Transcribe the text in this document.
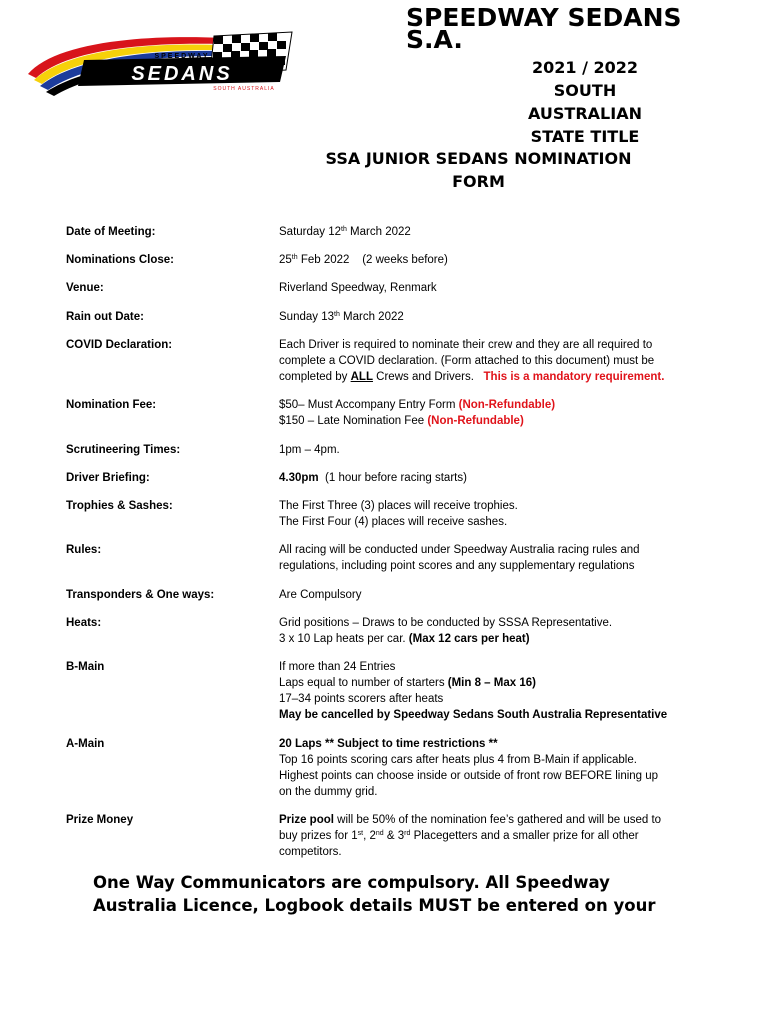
SPEEDWAY
SEDANS
SOUTH AUSTRALIA
SPEEDWAY SEDANS
S.A.
2021 / 2022
SOUTH
AUSTRALIAN
STATE TITLE
SSA JUNIOR SEDANS NOMINATION
FORM
Date of Meeting:	Saturday 12th March 2022
Nominations Close:	25th Feb 2022    (2 weeks before)
Venue:	Riverland Speedway, Renmark
Rain out Date:	Sunday 13th March 2022
COVID Declaration:	Each Driver is required to nominate their crew and they are all required to
complete a COVID declaration. (Form attached to this document) must be
completed by ALL Crews and Drivers.   This is a mandatory requirement.
Nomination Fee:	$50– Must Accompany Entry Form (Non-Refundable)
$150 – Late Nomination Fee (Non-Refundable)
Scrutineering Times:	1pm – 4pm.
Driver Briefing:	4.30pm  (1 hour before racing starts)
Trophies & Sashes:	The First Three (3) places will receive trophies.
The First Four (4) places will receive sashes.
Rules:	All racing will be conducted under Speedway Australia racing rules and
regulations, including point scores and any supplementary regulations
Transponders & One ways:	Are Compulsory
Heats:	Grid positions – Draws to be conducted by SSSA Representative.
3 x 10 Lap heats per car. (Max 12 cars per heat)
B-Main	If more than 24 Entries
Laps equal to number of starters (Min 8 – Max 16)
17–34 points scorers after heats
May be cancelled by Speedway Sedans South Australia Representative
A-Main	20 Laps ** Subject to time restrictions **
Top 16 points scoring cars after heats plus 4 from B-Main if applicable.
Highest points can choose inside or outside of front row BEFORE lining up
on the dummy grid.
Prize Money	Prize pool will be 50% of the nomination fee’s gathered and will be used to
buy prizes for 1st, 2nd & 3rd Placegetters and a smaller prize for all other
competitors.
One Way Communicators are compulsory. All Speedway
Australia Licence, Logbook details MUST be entered on your
